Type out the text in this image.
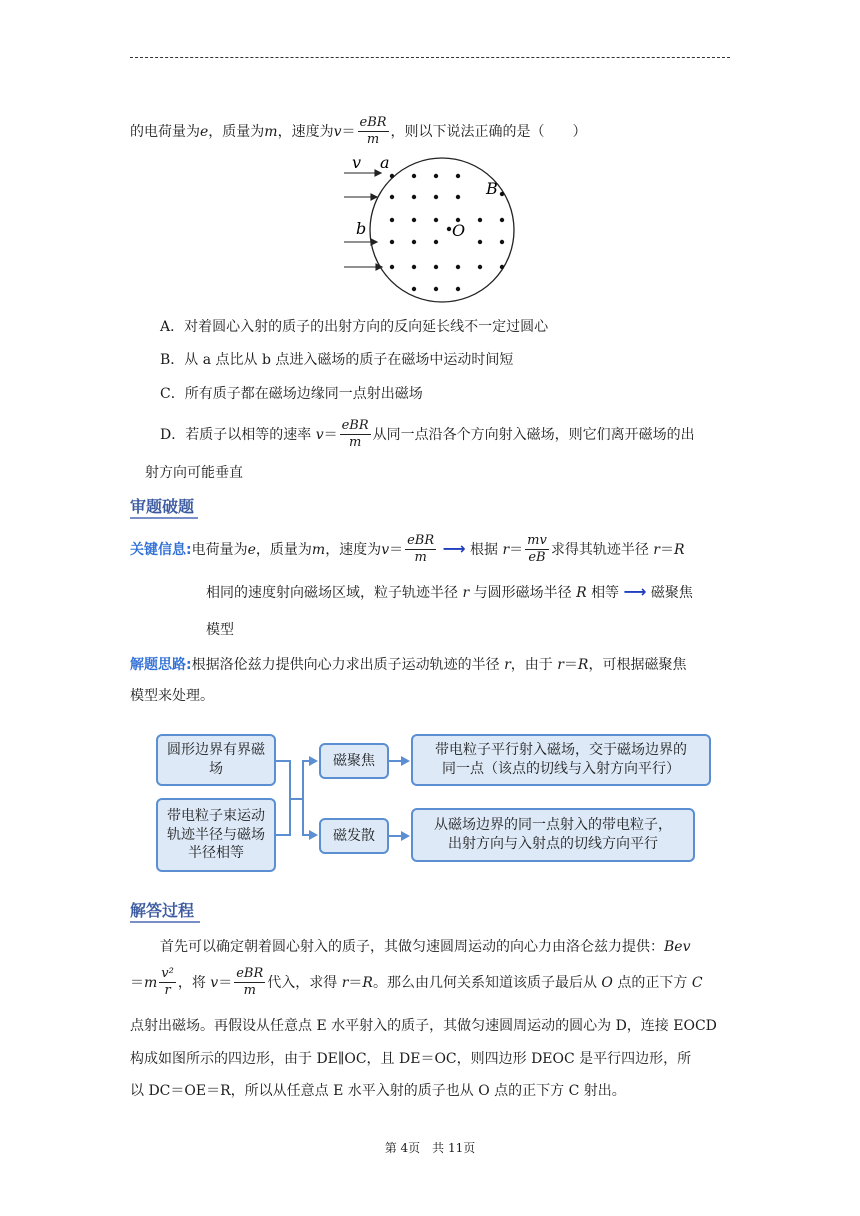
的电荷量为e，质量为m，速度为$v= \frac{\text{eBR}}{m}$ ，则以下说法正确的是（　　）
v a
b
B
O
A．对着圆心入射的质子的出射方向的反向延长线不一定过圆心
B．从 a 点比从 b 点进入磁场的质子在磁场中运动时间短
C．所有质子都在磁场边缘同一点射出磁场
D．若质子以相等的速率 $v= \frac{\text{eBR}}{m}$ 从同一点沿各个方向射入磁场，则它们离开磁场的出
射方向可能垂直
审题破题
关键信息:电荷量为e，质量为m，速度为$v= \frac{\text{eBR}}{m}$ ⟶ 根据 $r= \frac{mv}{eB}$ 求得其轨迹半径 r＝R
相同的速度射向磁场区域，粒子轨迹半径 r 与圆形磁场半径 R 相等 ⟶ 磁聚焦
模型
解题思路:根据洛伦兹力提供向心力求出质子运动轨迹的半径 r，由于 r＝R，可根据磁聚焦
模型来处理。
圆形边界有界磁场
带电粒子束运动轨迹半径与磁场半径相等
磁聚焦
磁发散
带电粒子平行射入磁场，交于磁场边界的
同一点（该点的切线与入射方向平行）
从磁场边界的同一点射入的带电粒子，
出射方向与入射点的切线方向平行
解答过程
首先可以确定朝着圆心射入的质子，其做匀速圆周运动的向心力由洛仑兹力提供：Bev
$=m \frac{\text{v²}}{r}$ ，将 $v= \frac{\text{eBR}}{m}$ 代入，求得 r＝R。那么由几何关系知道该质子最后从 O 点的正下方 C
点射出磁场。再假设从任意点 E 水平射入的质子，其做匀速圆周运动的圆心为 D，连接 EOCD
构成如图所示的四边形，由于 DE∥OC，且 DE＝OC，则四边形 DEOC 是平行四边形，所
以 DC＝OE＝R，所以从任意点 E 水平入射的质子也从 O 点的正下方 C 射出。
第 4页　共 11页
